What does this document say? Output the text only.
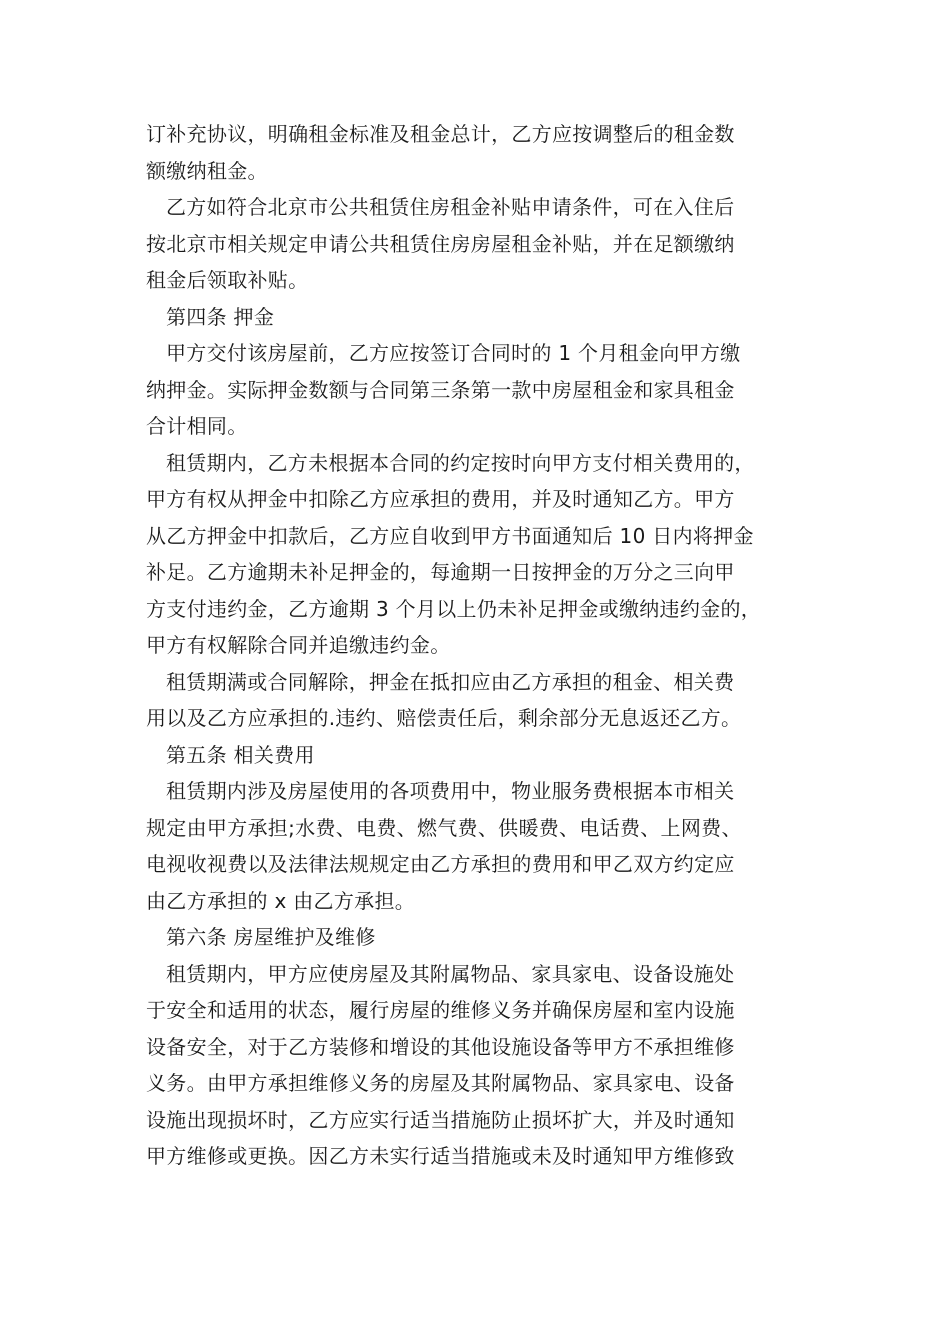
订补充协议，明确租金标准及租金总计，乙方应按调整后的租金数
额缴纳租金。
乙方如符合北京市公共租赁住房租金补贴申请条件，可在入住后
按北京市相关规定申请公共租赁住房房屋租金补贴，并在足额缴纳
租金后领取补贴。
第四条 押金
甲方交付该房屋前，乙方应按签订合同时的 1 个月租金向甲方缴
纳押金。实际押金数额与合同第三条第一款中房屋租金和家具租金
合计相同。
租赁期内，乙方未根据本合同的约定按时向甲方支付相关费用的，
甲方有权从押金中扣除乙方应承担的费用，并及时通知乙方。甲方
从乙方押金中扣款后，乙方应自收到甲方书面通知后 10 日内将押金
补足。乙方逾期未补足押金的，每逾期一日按押金的万分之三向甲
方支付违约金，乙方逾期 3 个月以上仍未补足押金或缴纳违约金的，
甲方有权解除合同并追缴违约金。
租赁期满或合同解除，押金在抵扣应由乙方承担的租金、相关费
用以及乙方应承担的.违约、赔偿责任后，剩余部分无息返还乙方。
第五条 相关费用
租赁期内涉及房屋使用的各项费用中，物业服务费根据本市相关
规定由甲方承担;水费、电费、燃气费、供暖费、电话费、上网费、
电视收视费以及法律法规规定由乙方承担的费用和甲乙双方约定应
由乙方承担的 x 由乙方承担。
第六条 房屋维护及维修
租赁期内，甲方应使房屋及其附属物品、家具家电、设备设施处
于安全和适用的状态，履行房屋的维修义务并确保房屋和室内设施
设备安全，对于乙方装修和增设的其他设施设备等甲方不承担维修
义务。由甲方承担维修义务的房屋及其附属物品、家具家电、设备
设施出现损坏时，乙方应实行适当措施防止损坏扩大，并及时通知
甲方维修或更换。因乙方未实行适当措施或未及时通知甲方维修致
